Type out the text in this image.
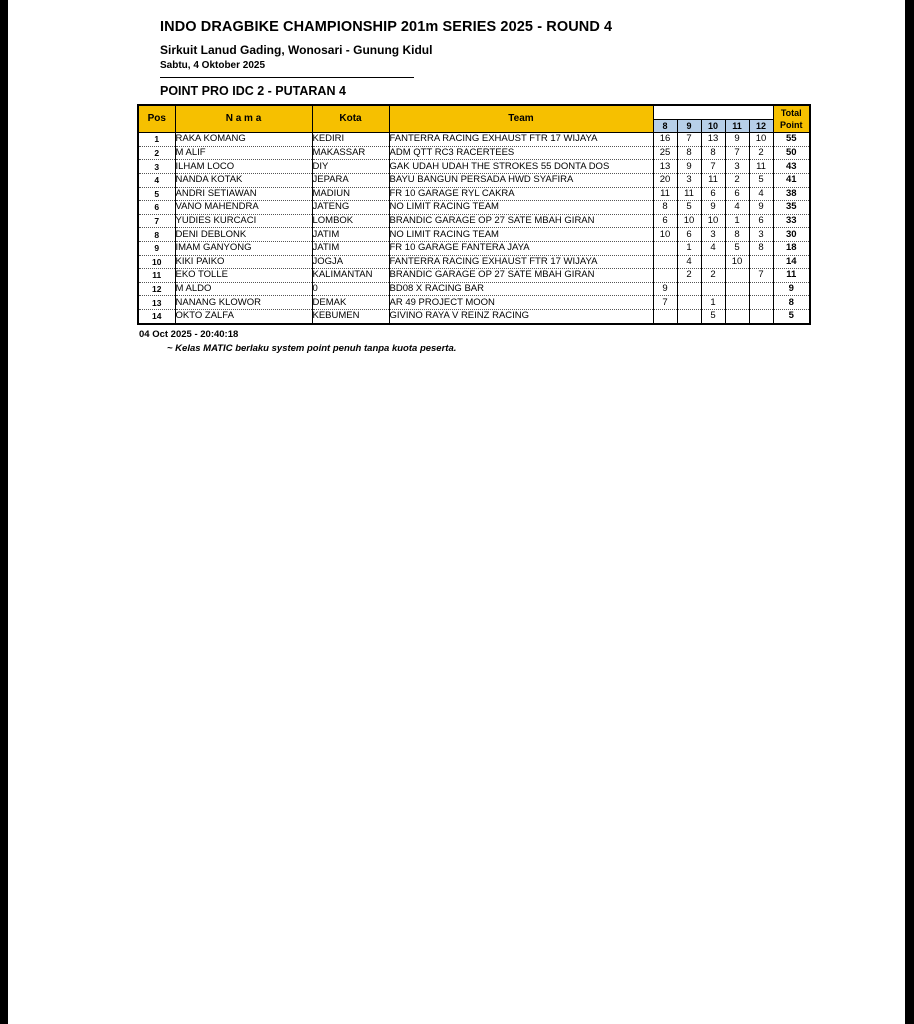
INDO DRAGBIKE CHAMPIONSHIP 201m SERIES 2025 - ROUND 4
Sirkuit Lanud Gading, Wonosari - Gunung Kidul
Sabtu, 4 Oktober 2025
POINT PRO IDC 2 - PUTARAN 4
Pos	N a m a	Kota	Team						Total Point
				8	9	10	11	12	
1	RAKA KOMANG	KEDIRI	FANTERRA RACING EXHAUST FTR 17 WIJAYA	16	7	13	9	10	55
2	M ALIF	MAKASSAR	ADM QTT RC3 RACERTEES	25	8	8	7	2	50
3	ILHAM LOCO	DIY	GAK UDAH UDAH THE STROKES 55 DONTA DOS	13	9	7	3	11	43
4	NANDA KOTAK	JEPARA	BAYU BANGUN PERSADA HWD SYAFIRA	20	3	11	2	5	41
5	ANDRI SETIAWAN	MADIUN	FR 10 GARAGE RYL CAKRA	11	11	6	6	4	38
6	VANO MAHENDRA	JATENG	NO LIMIT RACING TEAM	8	5	9	4	9	35
7	YUDIES KURCACI	LOMBOK	BRANDIC GARAGE OP 27 SATE MBAH GIRAN	6	10	10	1	6	33
8	DENI DEBLONK	JATIM	NO LIMIT RACING TEAM	10	6	3	8	3	30
9	IMAM GANYONG	JATIM	FR 10 GARAGE FANTERA JAYA		1	4	5	8	18
10	KIKI PAIKO	JOGJA	FANTERRA RACING EXHAUST FTR 17 WIJAYA		4		10		14
11	EKO TOLLE	KALIMANTAN	BRANDIC GARAGE OP 27 SATE MBAH GIRAN		2	2		7	11
12	M ALDO	0	BD08 X RACING BAR	9					9
13	NANANG KLOWOR	DEMAK	AR 49 PROJECT MOON	7		1			8
14	OKTO ZALFA	KEBUMEN	GIVINO RAYA V REINZ RACING			5			5
04 Oct 2025 - 20:40:18
~ Kelas MATIC berlaku system point penuh tanpa kuota peserta.
